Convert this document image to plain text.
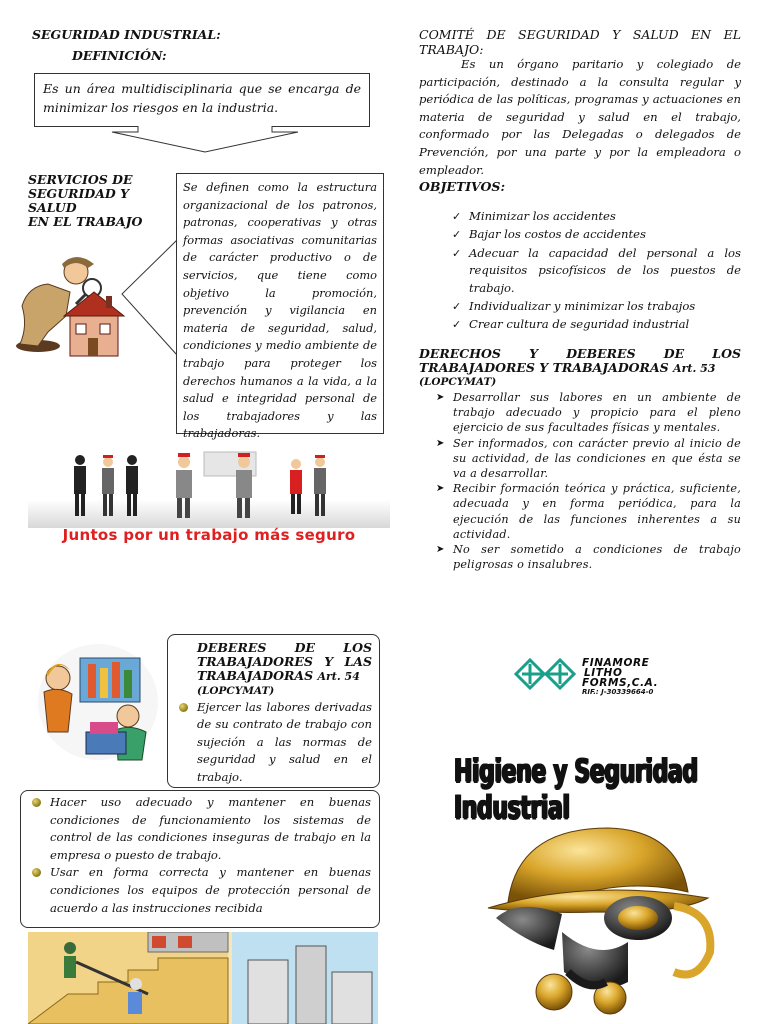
SEGURIDAD INDUSTRIAL:
DEFINICIÓN:
Es un área multidisciplinaria que se encarga de minimizar los riesgos en la industria.
SERVICIOS DE
SEGURIDAD Y
SALUD
EN EL TRABAJO
Se definen como la estructura organizacional de los patronos, patronas, cooperativas y otras formas asociativas comunitarias de carácter productivo o de servicios, que tiene como objetivo la promoción, prevención y vigilancia en materia de seguridad, salud, condiciones y medio ambiente de trabajo para proteger los derechos humanos a la vida, a la salud e integridad personal de los trabajadores y las trabajadoras.
Juntos por un trabajo más seguro
COMITÉ DE SEGURIDAD Y SALUD EN EL TRABAJO:
Es un órgano paritario y colegiado de participación, destinado a la consulta regular y periódica de las políticas, programas y actuaciones en materia de seguridad y salud en el trabajo, conformado por las Delegadas o delegados de Prevención, por una parte y por la empleadora o empleador.
OBJETIVOS:
✓ Minimizar los accidentes
✓ Bajar los costos de accidentes
✓ Adecuar la capacidad del personal a los requisitos psicofísicos de los puestos de trabajo.
✓ Individualizar y minimizar los trabajos
✓ Crear cultura de seguridad industrial
DERECHOS Y DEBERES DE LOS TRABAJADORES Y TRABAJADORAS Art. 53
(LOPCYMAT)
➤ Desarrollar sus labores en un ambiente de trabajo adecuado y propicio para el pleno ejercicio de sus facultades físicas y mentales.
➤ Ser informados, con carácter previo al inicio de su actividad, de las condiciones en que ésta se va a desarrollar.
➤ Recibir formación teórica y práctica, suficiente, adecuada y en forma periódica, para la ejecución de las funciones inherentes a su actividad.
➤ No ser sometido a condiciones de trabajo peligrosas o insalubres.
DEBERES DE LOS TRABAJADORES Y LAS TRABAJADORAS Art. 54
(LOPCYMAT)
Ejercer las labores derivadas de su contrato de trabajo con sujeción a las normas de seguridad y salud en el trabajo.
Hacer uso adecuado y mantener en buenas condiciones de funcionamiento los sistemas de control de las condiciones inseguras de trabajo en la empresa o puesto de trabajo.
Usar en forma correcta y mantener en buenas condiciones los equipos de protección personal de acuerdo a las instrucciones recibida
FINAMORE
LITHO
FORMS,C.A.
RIF.: J-30339664-0
Higiene y Seguridad Industrial
